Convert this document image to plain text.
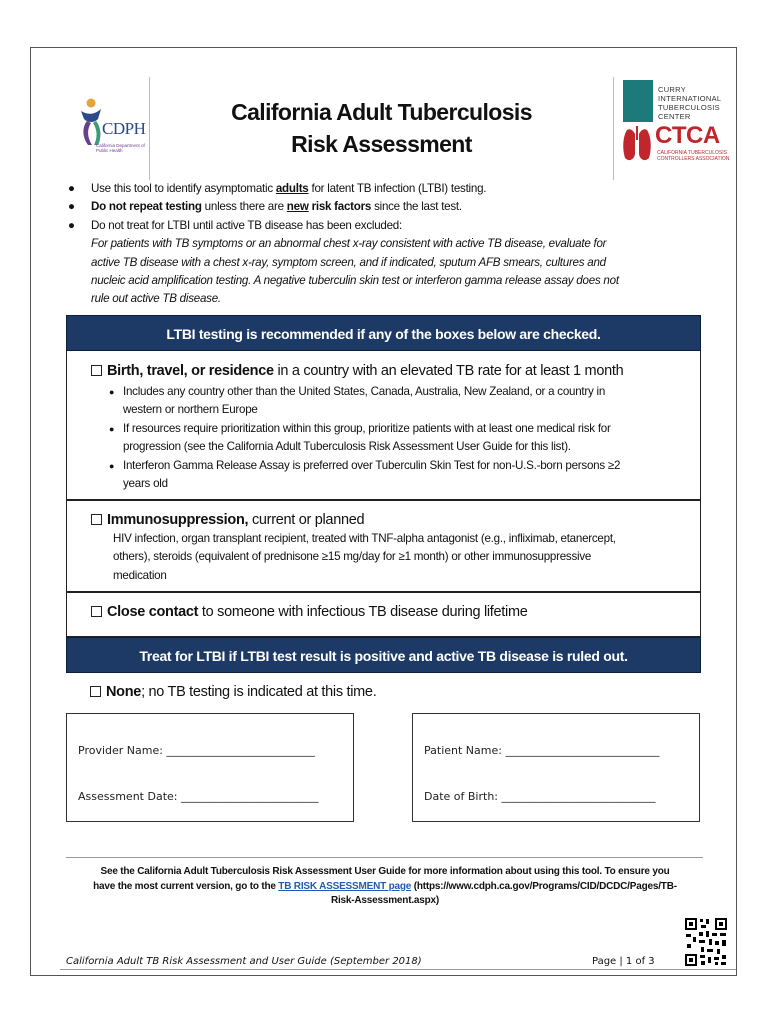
CDPH
California Department of Public Health
California Adult Tuberculosis
Risk Assessment
CURRY
INTERNATIONAL
TUBERCULOSIS
CENTER
CTCA
CALIFORNIA TUBERCULOSIS
CONTROLLERS ASSOCIATION
● Use this tool to identify asymptomatic adults for latent TB infection (LTBI) testing.
● Do not repeat testing unless there are new risk factors since the last test.
● Do not treat for LTBI until active TB disease has been excluded:
For patients with TB symptoms or an abnormal chest x-ray consistent with active TB disease, evaluate for
active TB disease with a chest x-ray, symptom screen, and if indicated, sputum AFB smears, cultures and
nucleic acid amplification testing. A negative tuberculin skin test or interferon gamma release assay does not
rule out active TB disease.
LTBI testing is recommended if any of the boxes below are checked.
Birth, travel, or residence in a country with an elevated TB rate for at least 1 month
● Includes any country other than the United States, Canada, Australia, New Zealand, or a country in
western or northern Europe
● If resources require prioritization within this group, prioritize patients with at least one medical risk for
progression (see the California Adult Tuberculosis Risk Assessment User Guide for this list).
● Interferon Gamma Release Assay is preferred over Tuberculin Skin Test for non-U.S.-born persons ≥2
years old
Immunosuppression, current or planned
HIV infection, organ transplant recipient, treated with TNF-alpha antagonist (e.g., infliximab, etanercept,
others), steroids (equivalent of prednisone ≥15 mg/day for ≥1 month) or other immunosuppressive
medication
Close contact to someone with infectious TB disease during lifetime
Treat for LTBI if LTBI test result is positive and active TB disease is ruled out.
None; no TB testing is indicated at this time.
Provider Name: ___________________________
Assessment Date: _________________________
Patient Name: ____________________________
Date of Birth: ____________________________
See the California Adult Tuberculosis Risk Assessment User Guide for more information about using this tool. To ensure you
have the most current version, go to the TB RISK ASSESSMENT page (https://www.cdph.ca.gov/Programs/CID/DCDC/Pages/TB-
Risk-Assessment.aspx)
California Adult TB Risk Assessment and User Guide (September 2018)	Page | 1 of 3
